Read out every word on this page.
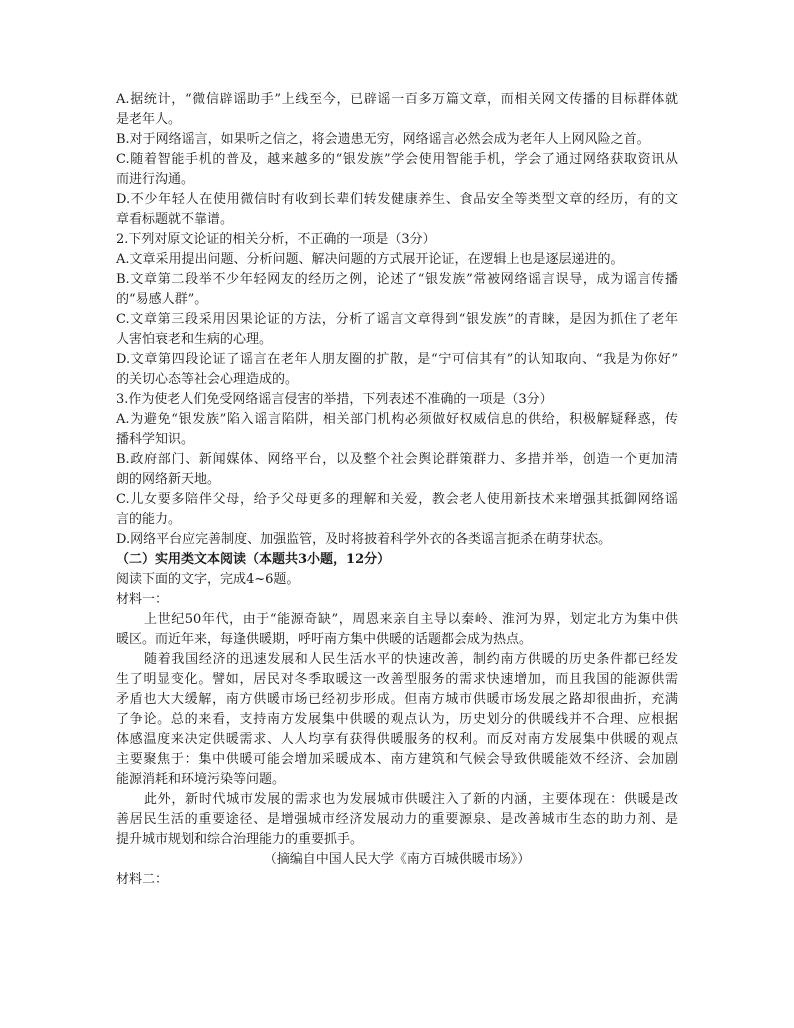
A.据统计，“微信辟谣助手”上线至今，已辟谣一百多万篇文章，而相关网文传播的目标群体就
是老年人。
B.对于网络谣言，如果听之信之，将会遗患无穷，网络谣言必然会成为老年人上网风险之首。
C.随着智能手机的普及，越来越多的“银发族”学会使用智能手机，学会了通过网络获取资讯从
而进行沟通。
D.不少年轻人在使用微信时有收到长辈们转发健康养生、食品安全等类型文章的经历，有的文
章看标题就不靠谱。
2.下列对原文论证的相关分析，不正确的一项是（3分）
A.文章采用提出问题、分析问题、解决问题的方式展开论证，在逻辑上也是逐层递进的。
B.文章第二段举不少年轻网友的经历之例，论述了“银发族”常被网络谣言误导，成为谣言传播
的“易感人群”。
C.文章第三段采用因果论证的方法，分析了谣言文章得到“银发族”的青睐，是因为抓住了老年
人害怕衰老和生病的心理。
D.文章第四段论证了谣言在老年人朋友圈的扩散，是“宁可信其有”的认知取向、“我是为你好”
的关切心态等社会心理造成的。
3.作为使老人们免受网络谣言侵害的举措，下列表述不准确的一项是（3分）
A.为避免“银发族”陷入谣言陷阱，相关部门机构必须做好权威信息的供给，积极解疑释惑，传
播科学知识。
B.政府部门、新闻媒体、网络平台，以及整个社会舆论群策群力、多措并举，创造一个更加清
朗的网络新天地。
C.儿女要多陪伴父母，给予父母更多的理解和关爱，教会老人使用新技术来增强其抵御网络谣
言的能力。
D.网络平台应完善制度、加强监管，及时将披着科学外衣的各类谣言扼杀在萌芽状态。
（二）实用类文本阅读（本题共3小题，12分）
阅读下面的文字，完成4~6题。
材料一：
上世纪50年代，由于“能源奇缺”，周恩来亲自主导以秦岭、淮河为界，划定北方为集中供
暖区。而近年来，每逢供暖期，呼吁南方集中供暖的话题都会成为热点。
随着我国经济的迅速发展和人民生活水平的快速改善，制约南方供暖的历史条件都已经发
生了明显变化。譬如，居民对冬季取暖这一改善型服务的需求快速增加，而且我国的能源供需
矛盾也大大缓解，南方供暖市场已经初步形成。但南方城市供暖市场发展之路却很曲折，充满
了争论。总的来看，支持南方发展集中供暖的观点认为，历史划分的供暖线并不合理、应根据
体感温度来决定供暖需求、人人均享有获得供暖服务的权利。而反对南方发展集中供暖的观点
主要聚焦于：集中供暖可能会增加采暖成本、南方建筑和气候会导致供暖能效不经济、会加剧
能源消耗和环境污染等问题。
此外，新时代城市发展的需求也为发展城市供暖注入了新的内涵，主要体现在：供暖是改
善居民生活的重要途径、是增强城市经济发展动力的重要源泉、是改善城市生态的助力剂、是
提升城市规划和综合治理能力的重要抓手。
（摘编自中国人民大学《南方百城供暖市场》）
材料二：
